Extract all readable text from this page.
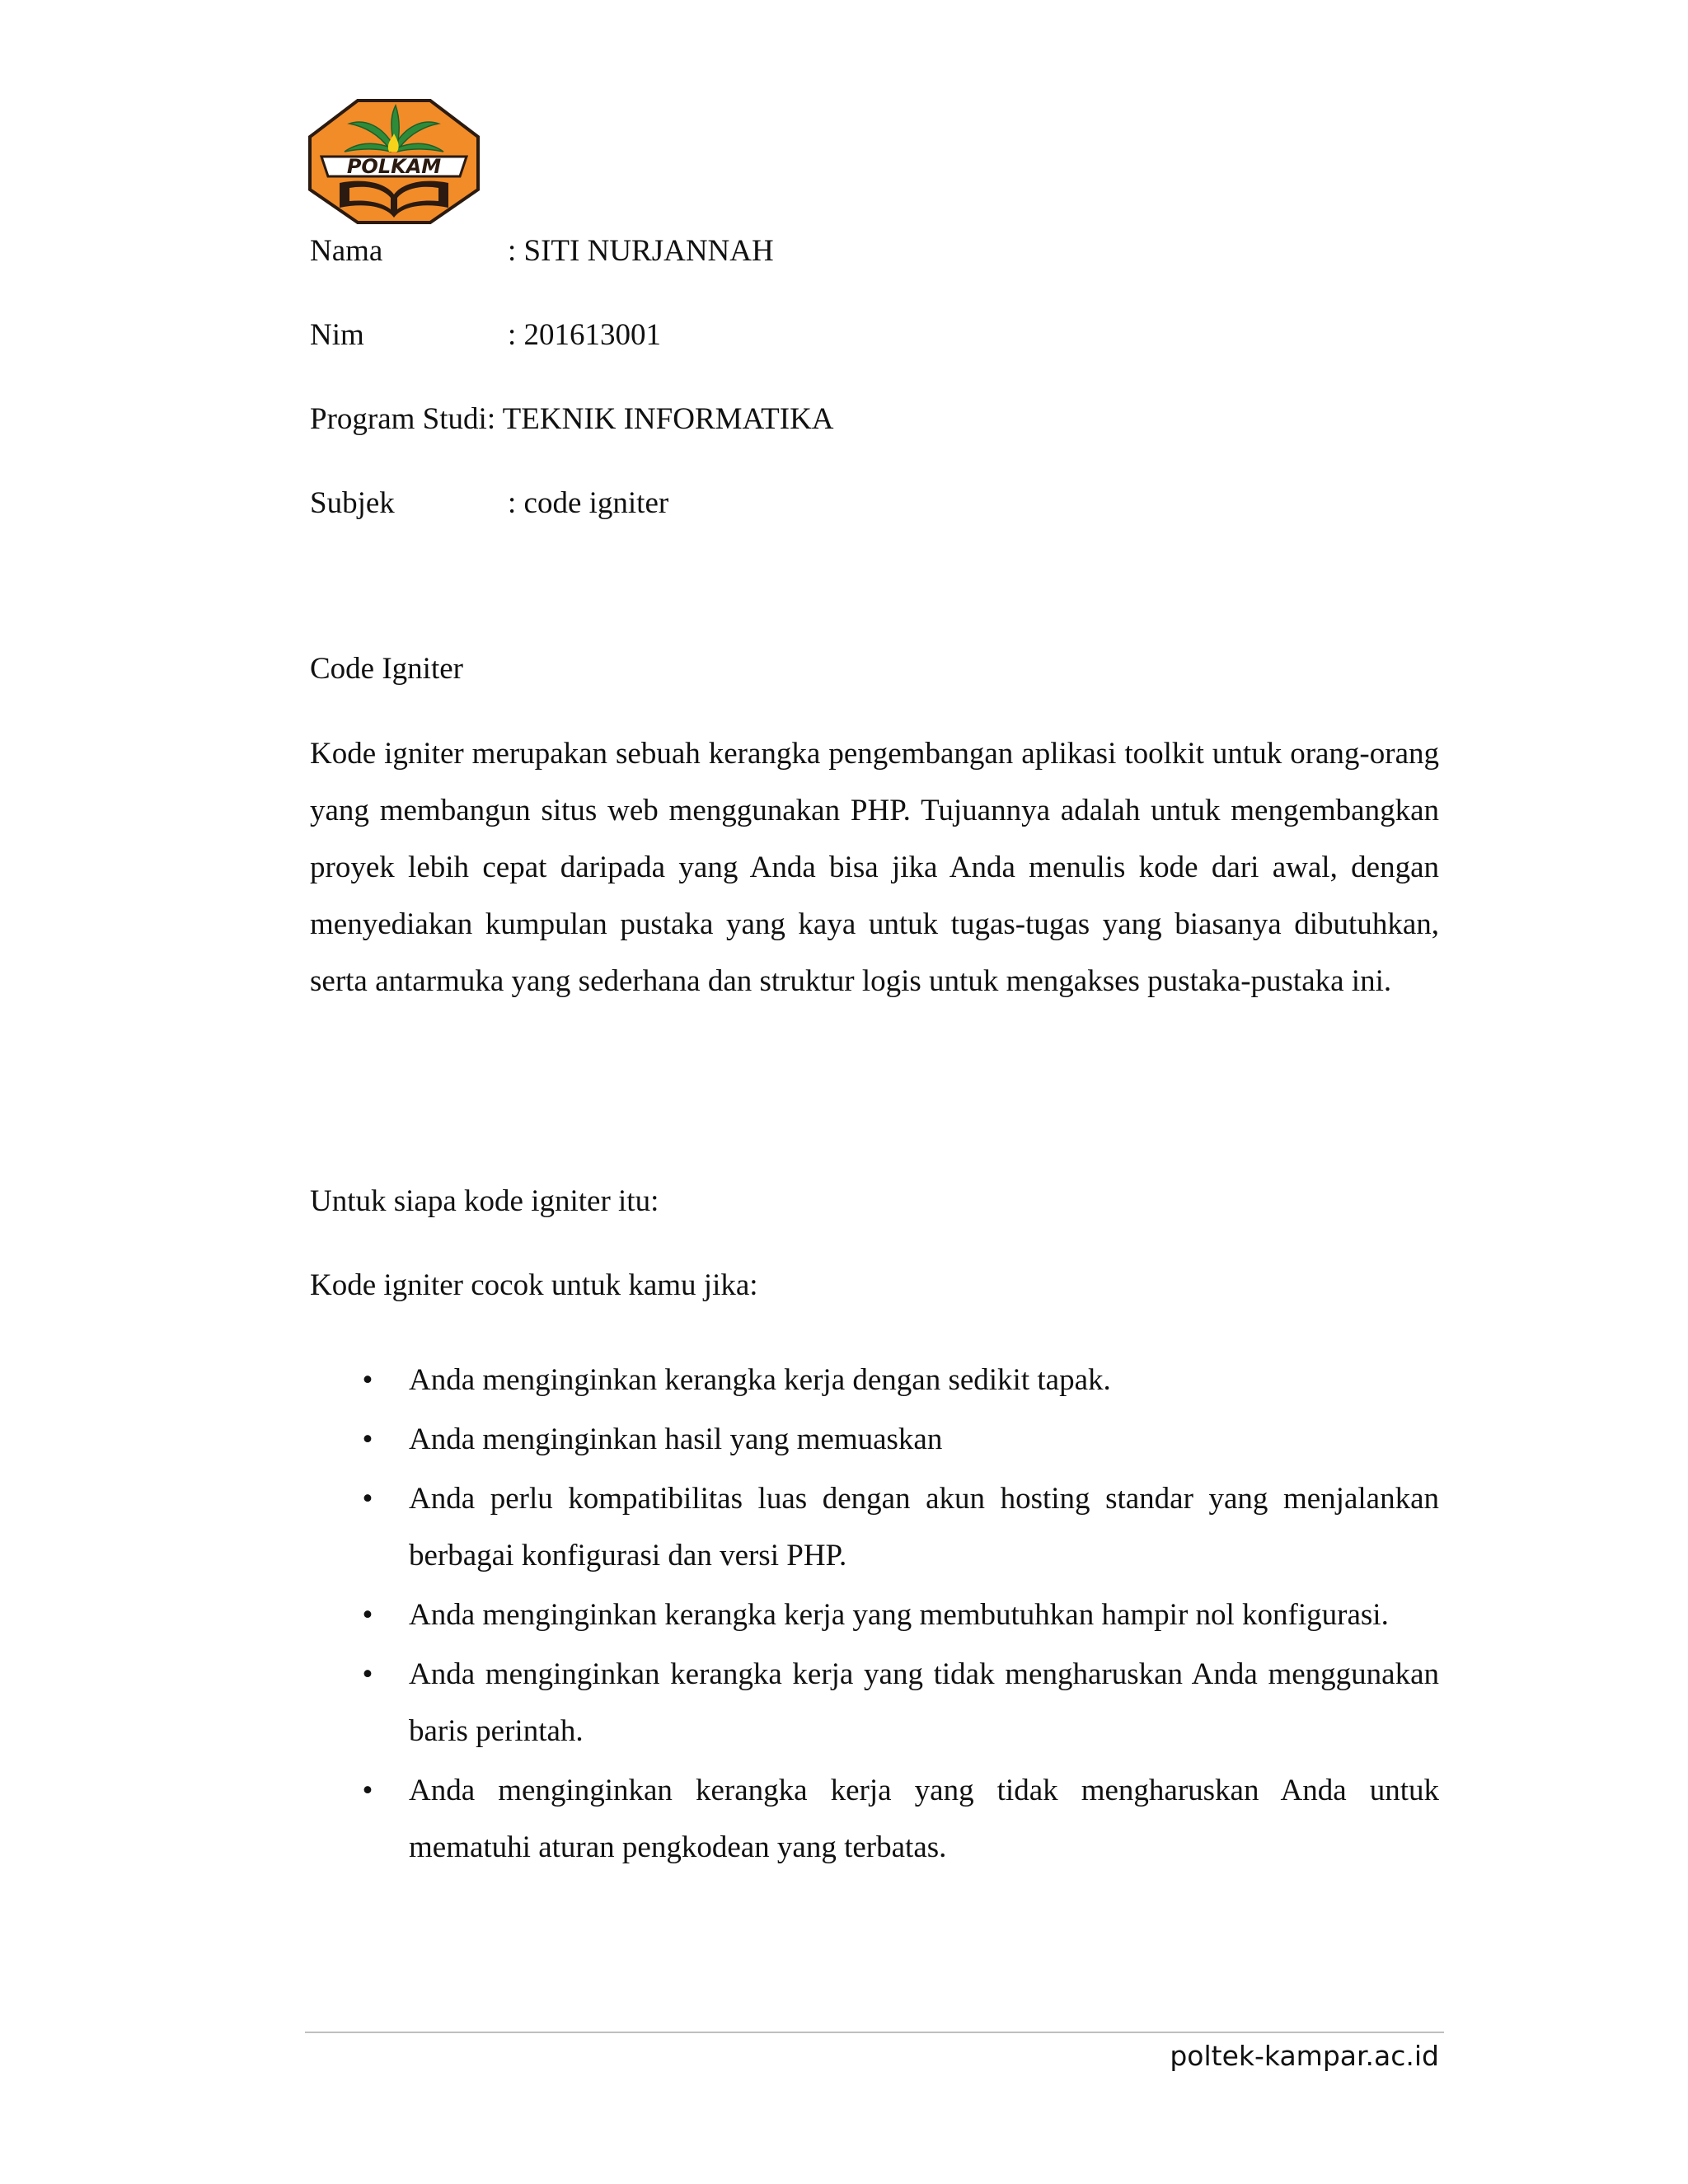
POLKAM
Nama	: SITI NURJANNAH
Nim	: 201613001
Program Studi: TEKNIK INFORMATIKA
Subjek	: code igniter
Code Igniter

Kode igniter merupakan sebuah kerangka pengembangan aplikasi toolkit untuk orang-orang yang membangun situs web menggunakan PHP. Tujuannya adalah untuk mengembangkan proyek lebih cepat daripada yang Anda bisa jika Anda menulis kode dari awal, dengan menyediakan kumpulan pustaka yang kaya untuk tugas-tugas yang biasanya dibutuhkan, serta antarmuka yang sederhana dan struktur logis untuk mengakses pustaka-pustaka ini.

Untuk siapa kode igniter itu:
Kode igniter cocok untuk kamu jika:
• Anda menginginkan kerangka kerja dengan sedikit tapak.
• Anda menginginkan hasil yang memuaskan
• Anda perlu kompatibilitas luas dengan akun hosting standar yang menjalankan berbagai konfigurasi dan versi PHP.
• Anda menginginkan kerangka kerja yang membutuhkan hampir nol konfigurasi.
• Anda menginginkan kerangka kerja yang tidak mengharuskan Anda menggunakan baris perintah.
• Anda menginginkan kerangka kerja yang tidak mengharuskan Anda untuk mematuhi aturan pengkodean yang terbatas.
poltek-kampar.ac.id
